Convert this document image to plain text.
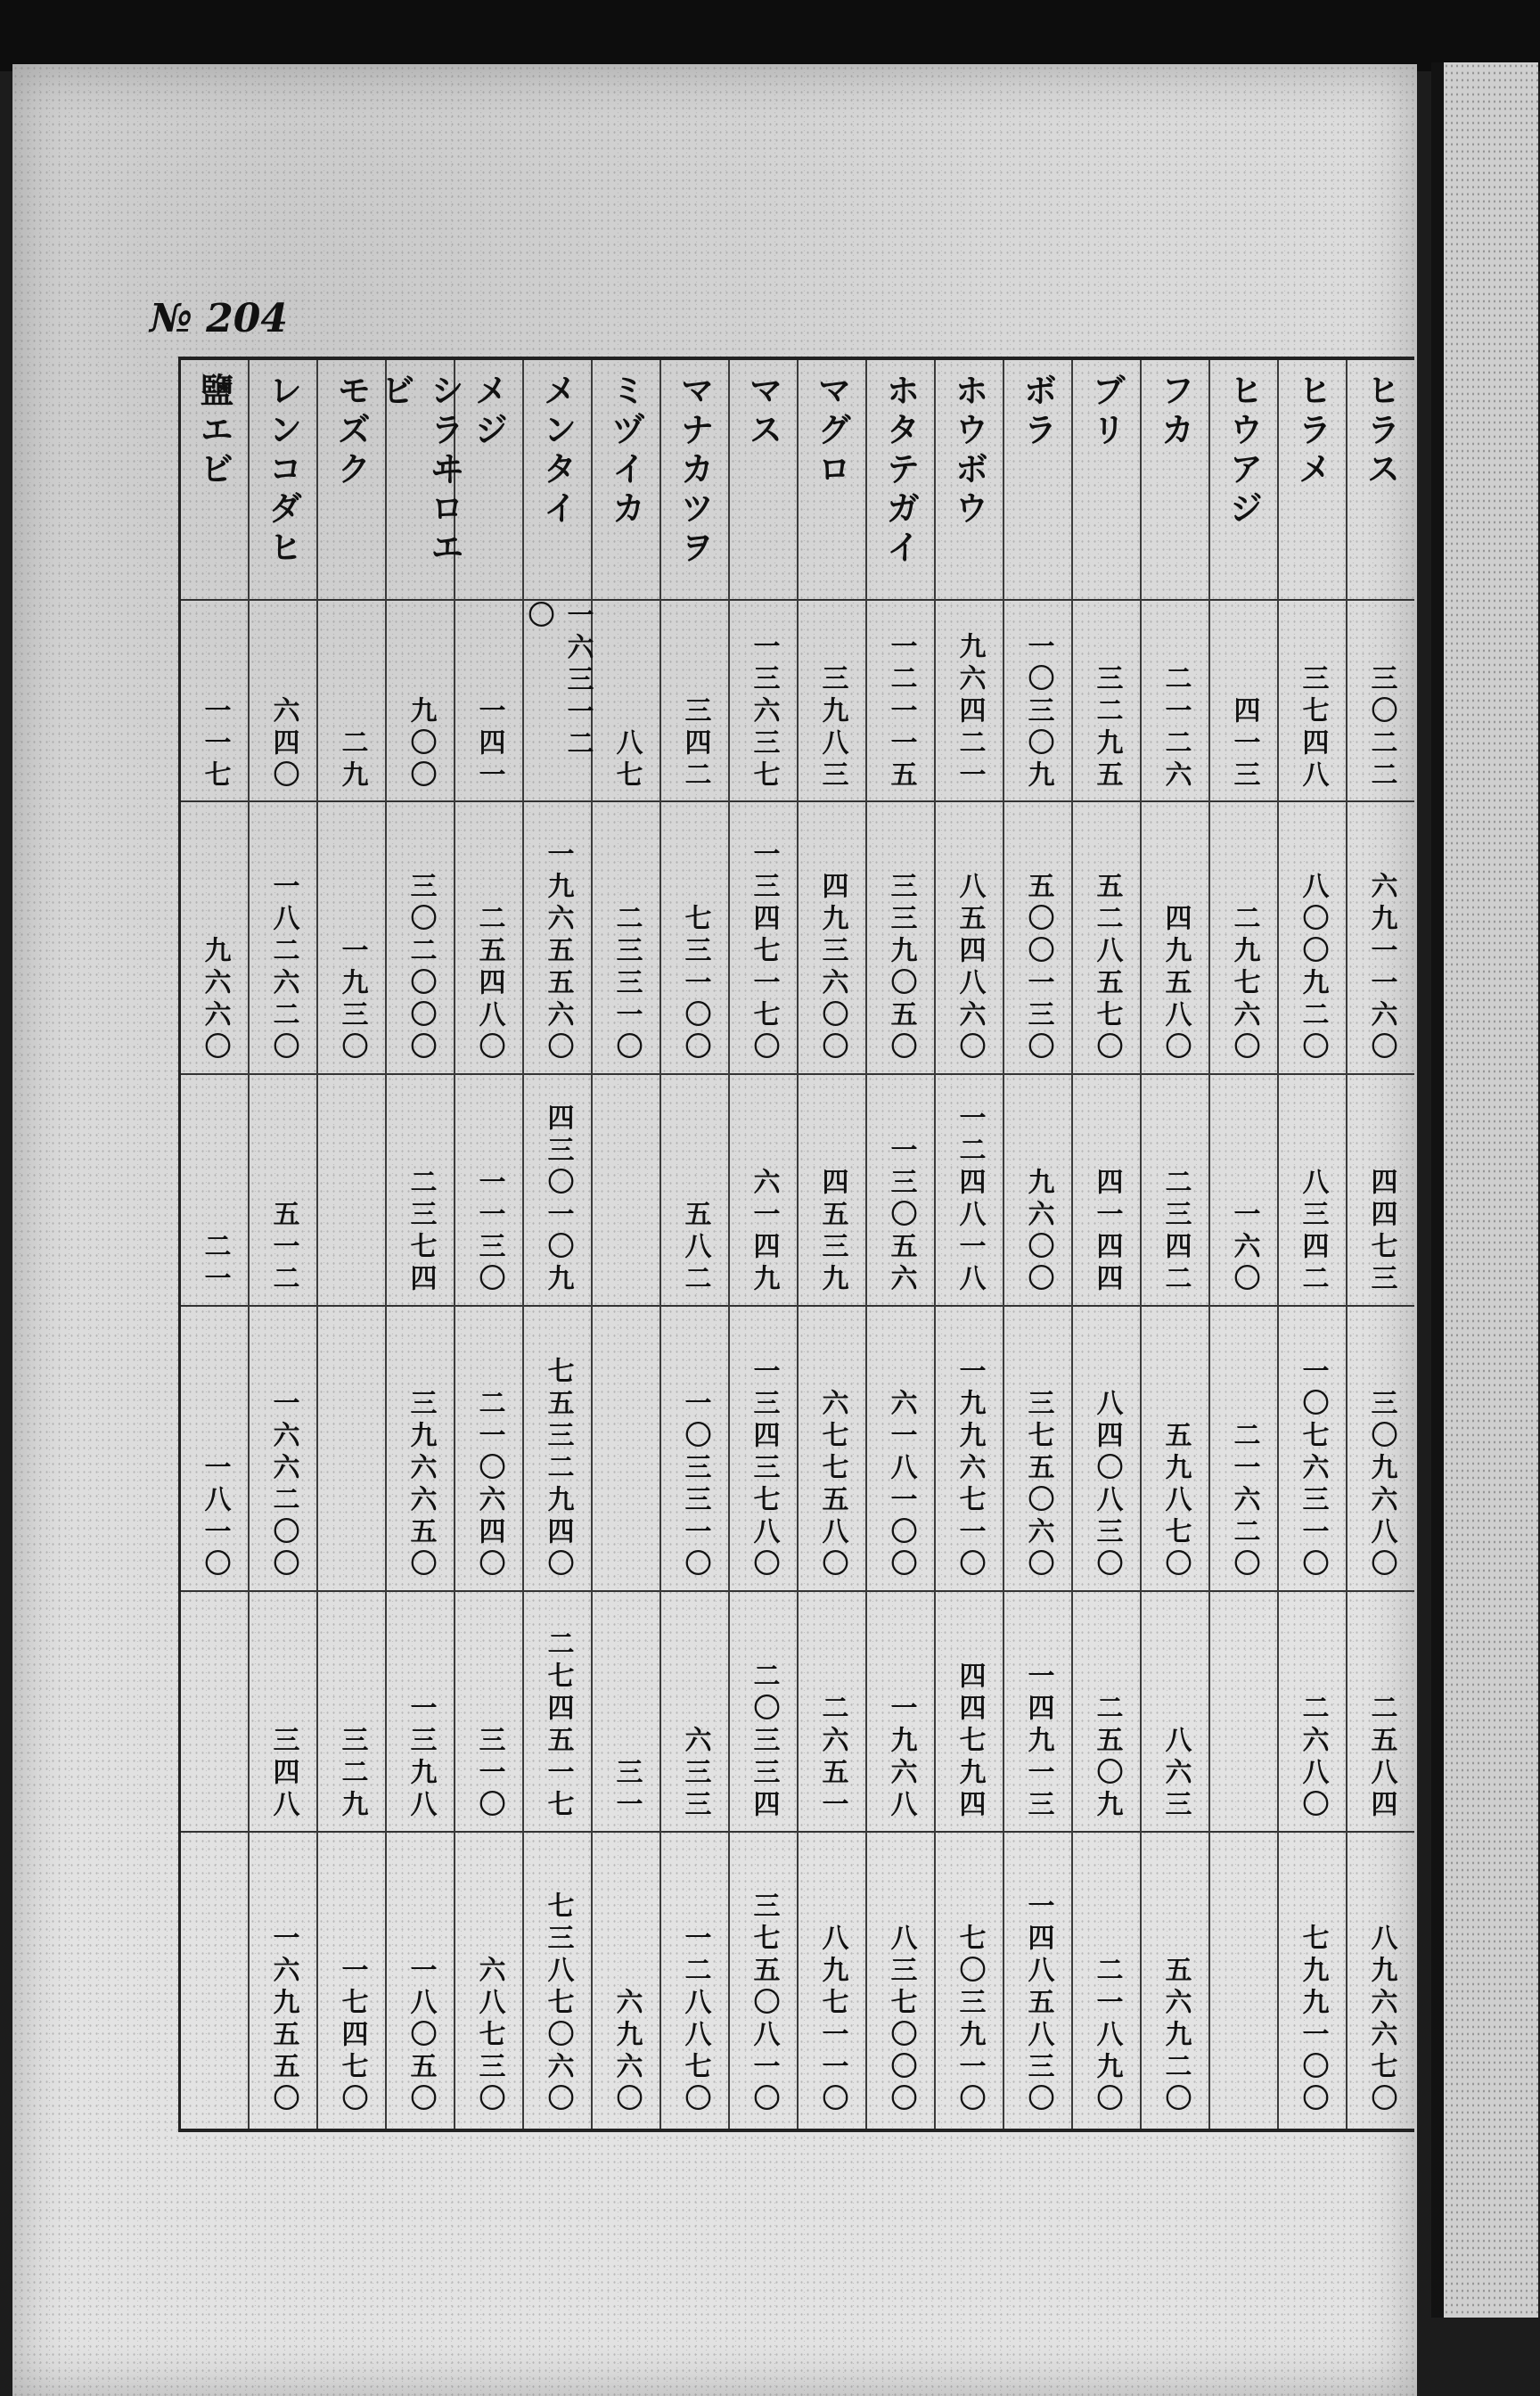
№ 204
ヒラス
三〇二二
六九一一六〇
四四七三
三〇九六八〇
二五八四
八九六六七〇
ヒラメ
三七四八
八〇〇九二〇
八三四二
一〇七六三一〇
二六八〇
七九九一〇〇
ヒウアジ
四一三
二九七六〇
一六〇
二一六二〇
フカ
二一二六
四九五八〇
二三四二
五九八七〇
八六三
五六九二〇
ブリ
三二九五
五二八五七〇
四一四四
八四〇八三〇
二五〇九
二一八九〇
ボラ
一〇三〇九
五〇〇一三〇
九六〇〇
三七五〇六〇
一四九一三
一四八五八三〇
ホウボウ
九六四二一
八五四八六〇
一二四八一八
一九九六七一〇
四四七九四
七〇三九一〇
ホタテガイ
一二一一五
三三九〇五〇
一三〇五六
六一八一〇〇
一九六八
八三七〇〇〇
マグロ
三九八三
四九三六〇〇
四五三九
六七七五八〇
二六五一
八九七一一〇
マス
一三六三七
一三四七一七〇
六一四九
一三四三七八〇
二〇三三四
三七五〇八一〇
マナカツヲ
三四二
七三一〇〇
五八二
一〇三三一〇
六三三
一二八八七〇
ミヅイカ
八七
二三三一〇
三一
六九六〇
メンタイ
一六三一二〇
一九六五五六〇
四三〇一〇九
七五三二九四〇
二七四五一七
七三八七〇六〇
メジ
一四一
二五四八〇
一一三〇
二一〇六四〇
三一〇
六八七三〇
シラヰロエビ
九〇〇
三〇二〇〇〇
二三七四
三九六六五〇
一三九八
一八〇五〇
モズク
二九
一九三〇
三二九
一七四七〇
レンコダヒ
六四〇
一八二六二〇
五一二
一六六二〇〇
三四八
一六九五五〇
鹽エビ
一一七
九六六〇
二一
一八一〇
